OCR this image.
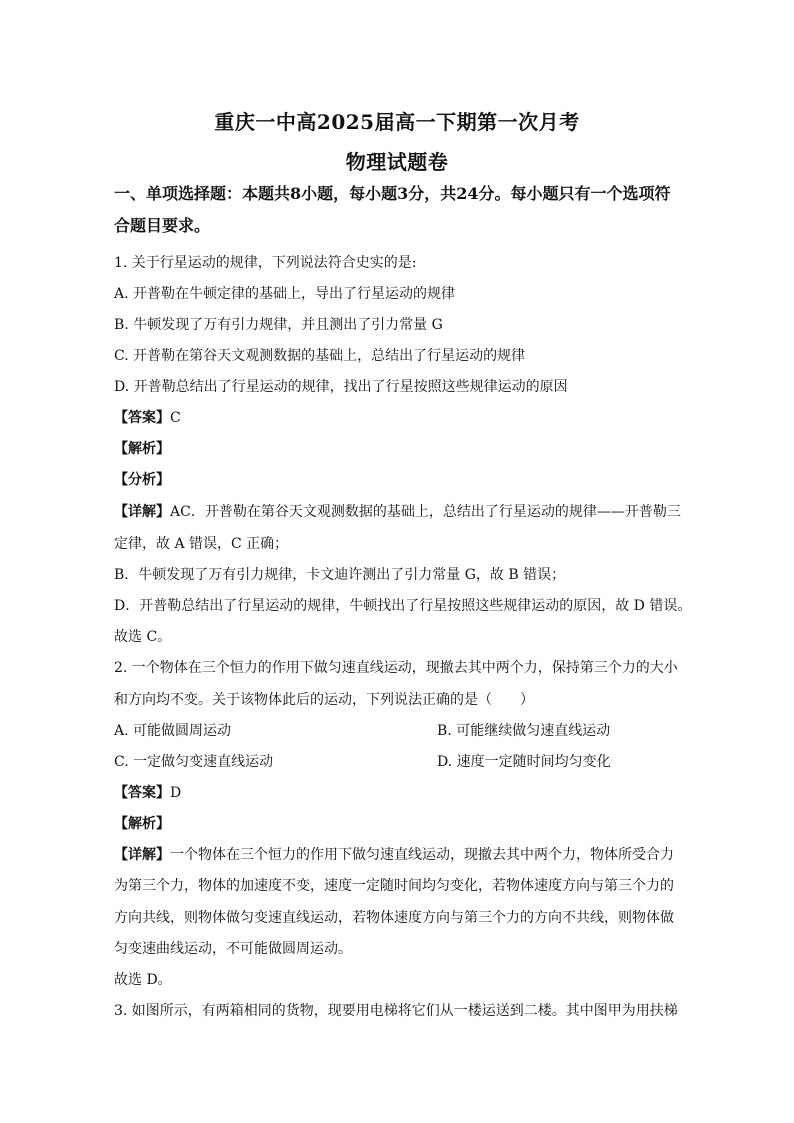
重庆一中高2025届高一下期第一次月考
物理试题卷
一、单项选择题：本题共8小题，每小题3分，共24分。每小题只有一个选项符
合题目要求。
1. 关于行星运动的规律，下列说法符合史实的是:
A. 开普勒在牛顿定律的基础上，导出了行星运动的规律
B. 牛顿发现了万有引力规律，并且测出了引力常量 G
C. 开普勒在第谷天文观测数据的基础上，总结出了行星运动的规律
D. 开普勒总结出了行星运动的规律，找出了行星按照这些规律运动的原因
【答案】C
【解析】
【分析】
【详解】AC．开普勒在第谷天文观测数据的基础上，总结出了行星运动的规律——开普勒三
定律，故 A 错误，C 正确；
B．牛顿发现了万有引力规律，卡文迪许测出了引力常量 G，故 B 错误；
D．开普勒总结出了行星运动的规律，牛顿找出了行星按照这些规律运动的原因，故 D 错误。
故选 C。
2. 一个物体在三个恒力的作用下做匀速直线运动，现撤去其中两个力，保持第三个力的大小
和方向均不变。关于该物体此后的运动，下列说法正确的是（　　）
A. 可能做圆周运动	B. 可能继续做匀速直线运动
C. 一定做匀变速直线运动	D. 速度一定随时间均匀变化
【答案】D
【解析】
【详解】一个物体在三个恒力的作用下做匀速直线运动，现撤去其中两个力，物体所受合力
为第三个力，物体的加速度不变，速度一定随时间均匀变化，若物体速度方向与第三个力的
方向共线，则物体做匀变速直线运动，若物体速度方向与第三个力的方向不共线，则物体做
匀变速曲线运动，不可能做圆周运动。
故选 D。
3. 如图所示，有两箱相同的货物，现要用电梯将它们从一楼运送到二楼。其中图甲为用扶梯
